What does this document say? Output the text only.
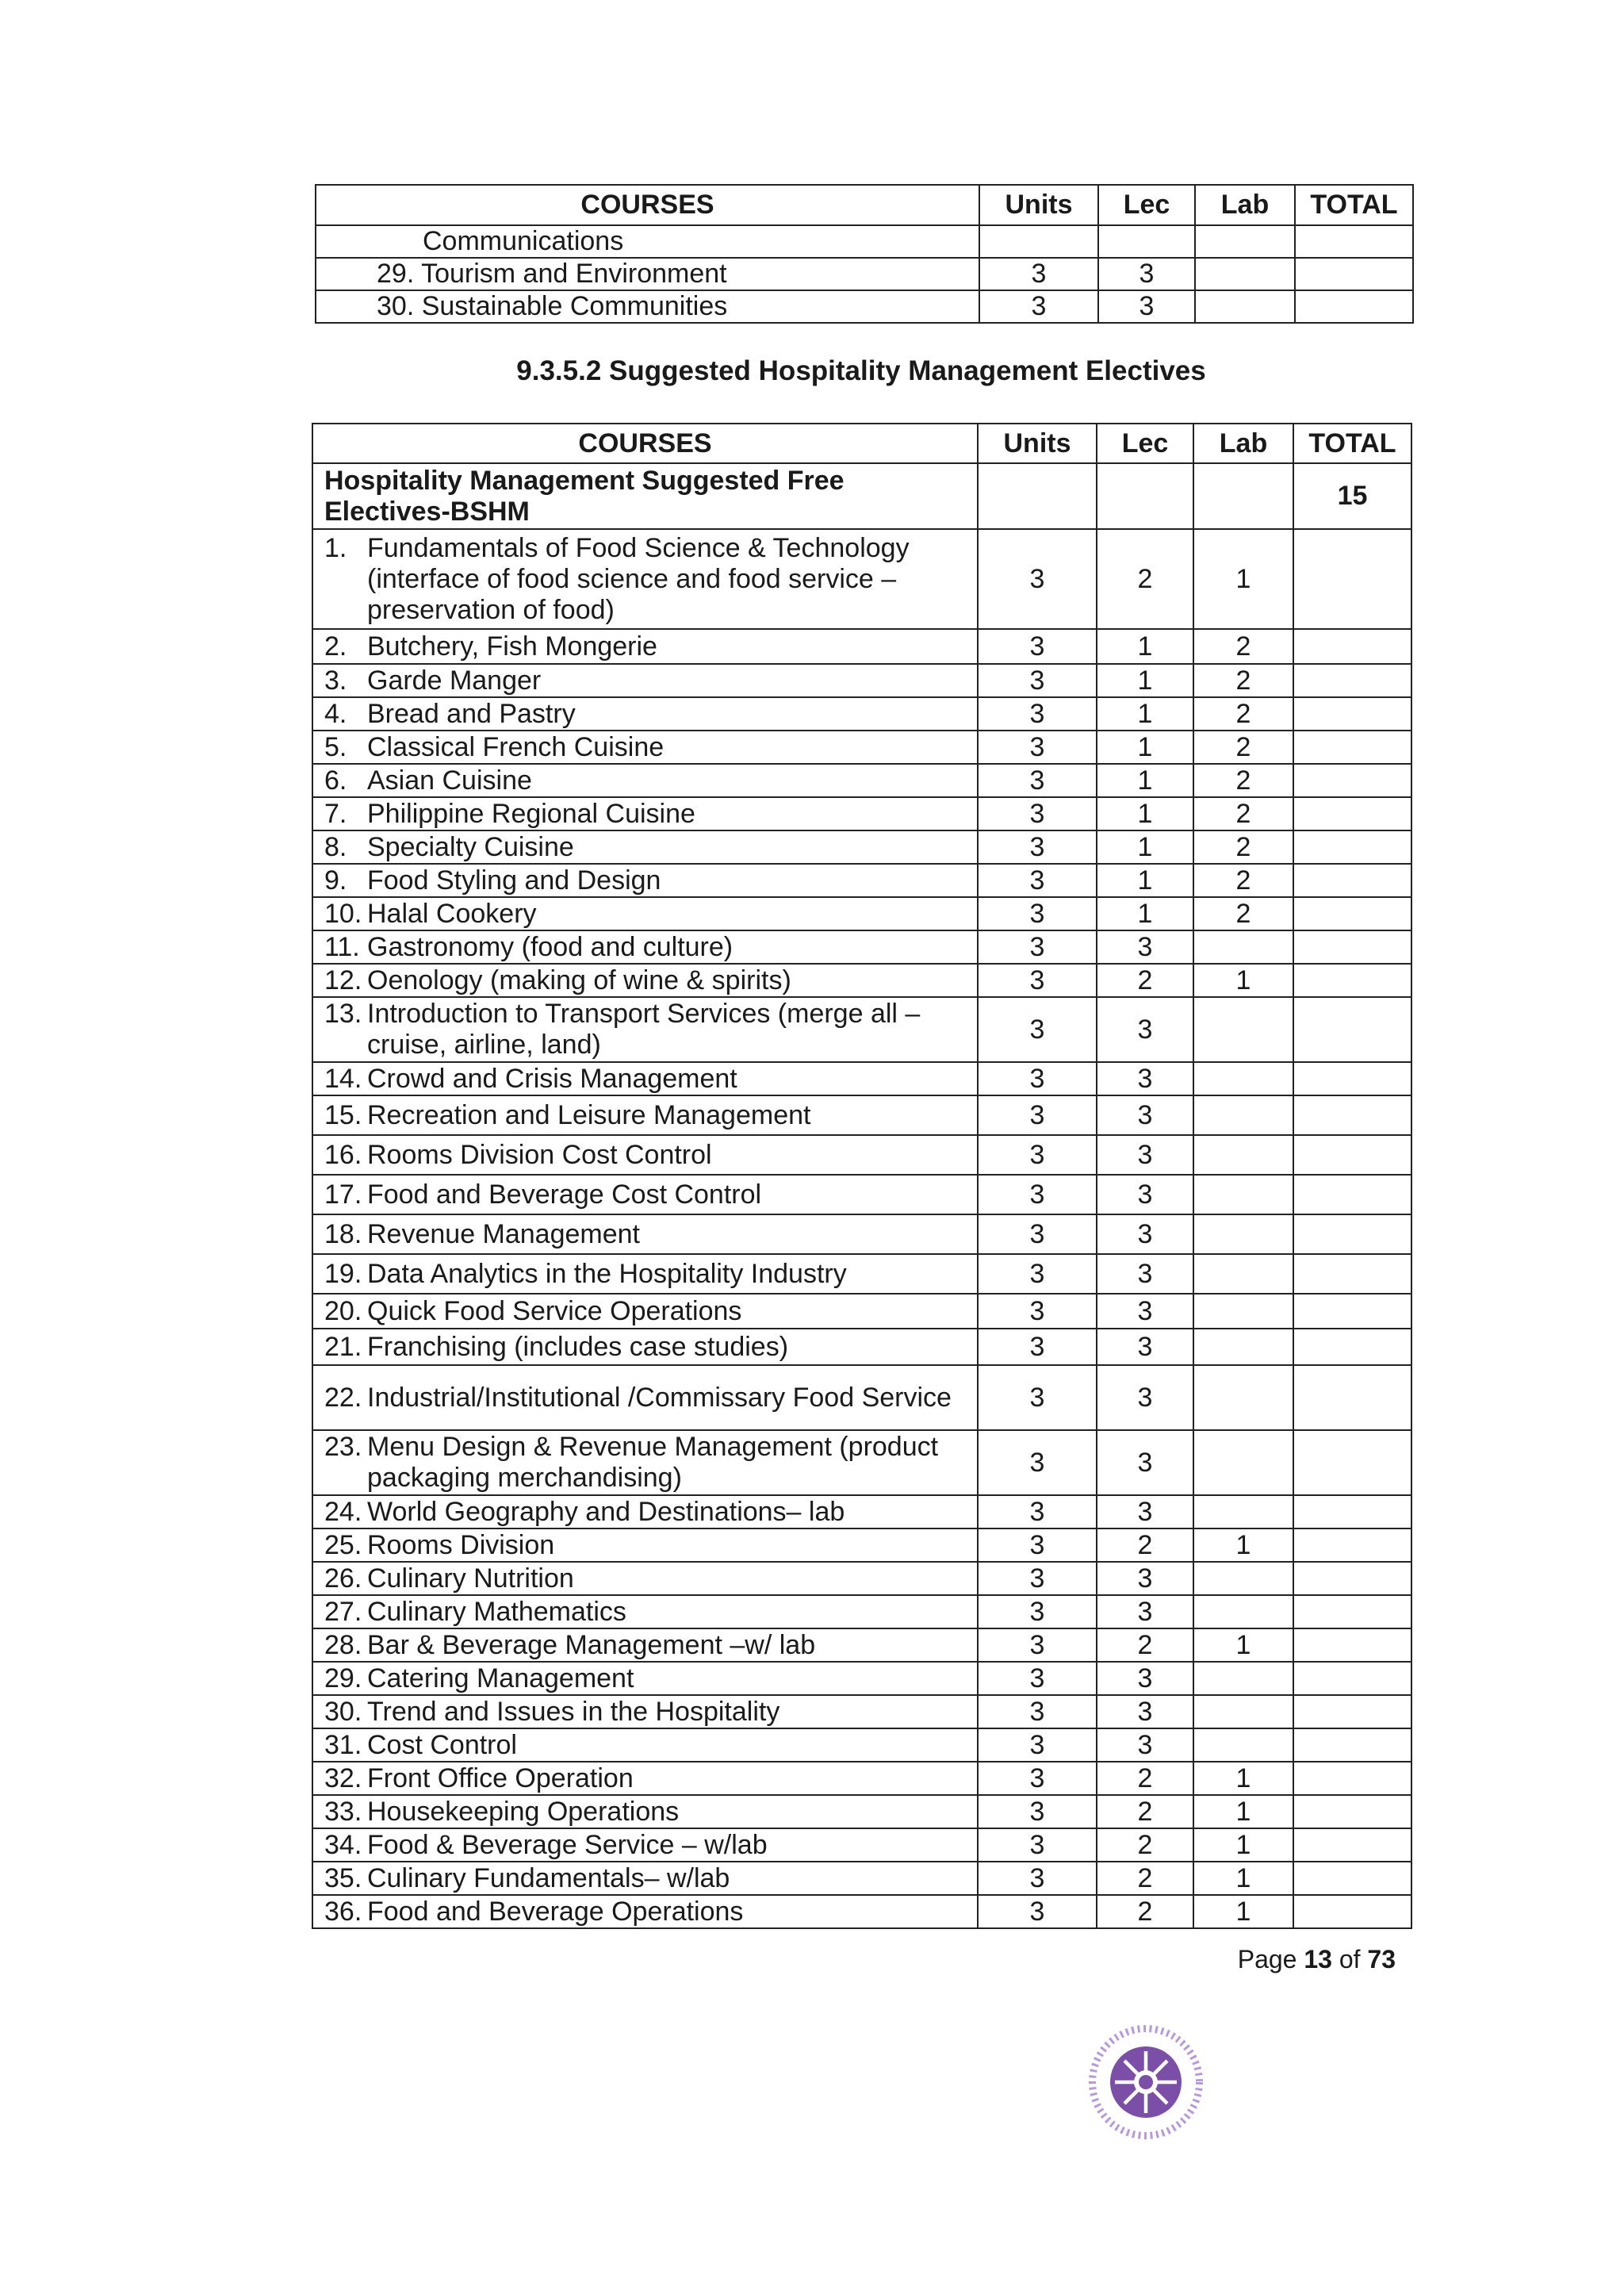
COURSES	Units	Lec	Lab	TOTAL
Communications				
29. Tourism and Environment	3	3		
30. Sustainable Communities	3	3		
9.3.5.2 Suggested Hospitality Management Electives
COURSES	Units	Lec	Lab	TOTAL
Hospitality Management Suggested Free Electives-BSHM				15

1. Fundamentals of Food Science & Technology (interface of food science and food service – preservation of food)	3	2	1	

2. Butchery, Fish Mongerie	3	1	2	

3. Garde Manger	3	1	2	

4. Bread and Pastry	3	1	2	

5. Classical French Cuisine	3	1	2	

6. Asian Cuisine	3	1	2	

7. Philippine Regional Cuisine	3	1	2	

8. Specialty Cuisine	3	1	2	

9. Food Styling and Design	3	1	2	

10. Halal Cookery	3	1	2	

11. Gastronomy (food and culture)	3	3		

12. Oenology (making of wine & spirits)	3	2	1	

13. Introduction to Transport Services (merge all – cruise, airline, land)	3	3		

14. Crowd and Crisis Management	3	3		

15. Recreation and Leisure Management	3	3		

16. Rooms Division Cost Control	3	3		

17. Food and Beverage Cost Control	3	3		

18. Revenue Management	3	3		

19. Data Analytics in the Hospitality Industry	3	3		

20. Quick Food Service Operations	3	3		

21. Franchising (includes case studies)	3	3		

22. Industrial/Institutional /Commissary Food Service	3	3		

23. Menu Design & Revenue Management (product packaging merchandising)	3	3		

24. World Geography and Destinations– lab	3	3		

25. Rooms Division	3	2	1	

26. Culinary Nutrition	3	3		

27. Culinary Mathematics	3	3		

28. Bar & Beverage Management –w/ lab	3	2	1	

29. Catering Management	3	3		

30. Trend and Issues in the Hospitality	3	3		

31. Cost Control	3	3		

32. Front Office Operation	3	2	1	

33. Housekeeping Operations	3	2	1	

34. Food & Beverage Service – w/lab	3	2	1	

35. Culinary Fundamentals– w/lab	3	2	1	

36. Food and Beverage Operations	3	2	1	
Page 13 of 73
